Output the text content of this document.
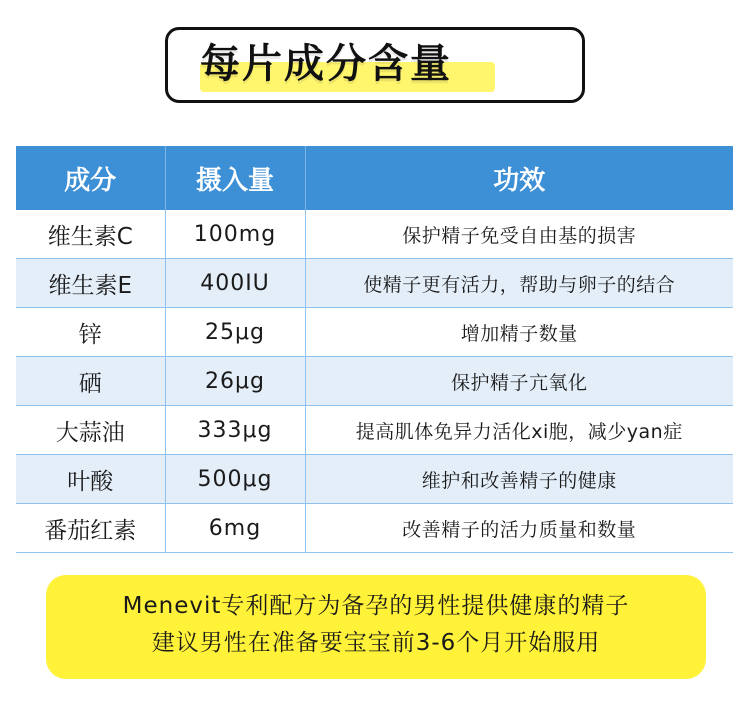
每片成分含量
成分	摄入量	功效
维生素C	100mg	保护精子免受自由基的损害
维生素E	400IU	使精子更有活力，帮助与卵子的结合
锌	25μg	增加精子数量
硒	26μg	保护精子亢氧化
大蒜油	333μg	提高肌体免异力活化xi胞，减少yan症
叶酸	500μg	维护和改善精子的健康
番茄红素	6mg	改善精子的活力质量和数量
Menevit专利配方为备孕的男性提供健康的精子
建议男性在准备要宝宝前3-6个月开始服用
